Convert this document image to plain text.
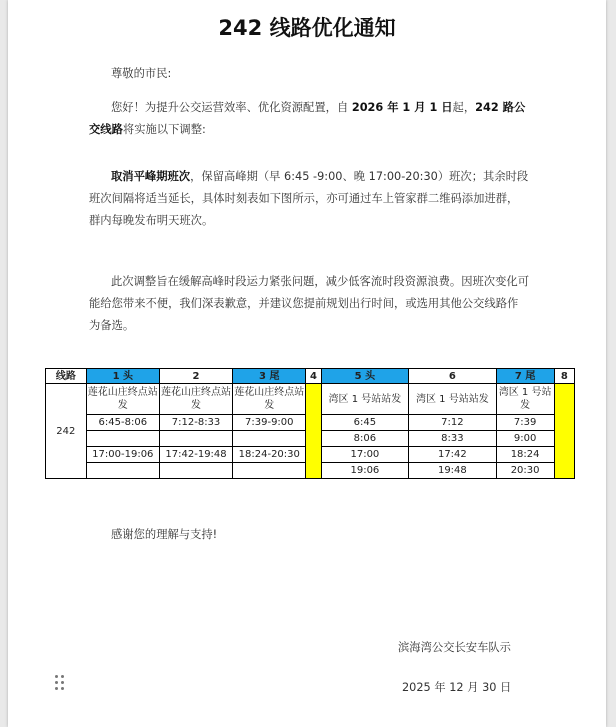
242 线路优化通知

尊敬的市民:

您好！为提升公交运营效率、优化资源配置，自 2026 年 1 月 1 日起，242 路公交线路将实施以下调整:

取消平峰期班次，保留高峰期（早 6:45 -9:00、晚 17:00-20:30）班次；其余时段班次间隔将适当延长，具体时刻表如下图所示，亦可通过车上管家群二维码添加进群，群内每晚发布明天班次。

此次调整旨在缓解高峰时段运力紧张问题，减少低客流时段资源浪费。因班次变化可能给您带来不便，我们深表歉意，并建议您提前规划出行时间，或选用其他公交线路作为备选。

线路	1 头	2	3 尾	4	5 头	6	7 尾	8
242	莲花山庄终点站发	莲花山庄终点站发	莲花山庄终点站发		湾区 1 号站站发	湾区 1 号站站发	湾区 1 号站发	
	6:45-8:06	7:12-8:33	7:39-9:00		6:45	7:12	7:39	
					8:06	8:33	9:00	
	17:00-19:06	17:42-19:48	18:24-20:30		17:00	17:42	18:24	
					19:06	19:48	20:30	

感谢您的理解与支持!

滨海湾公交长安车队示

2025 年 12 月 30 日
